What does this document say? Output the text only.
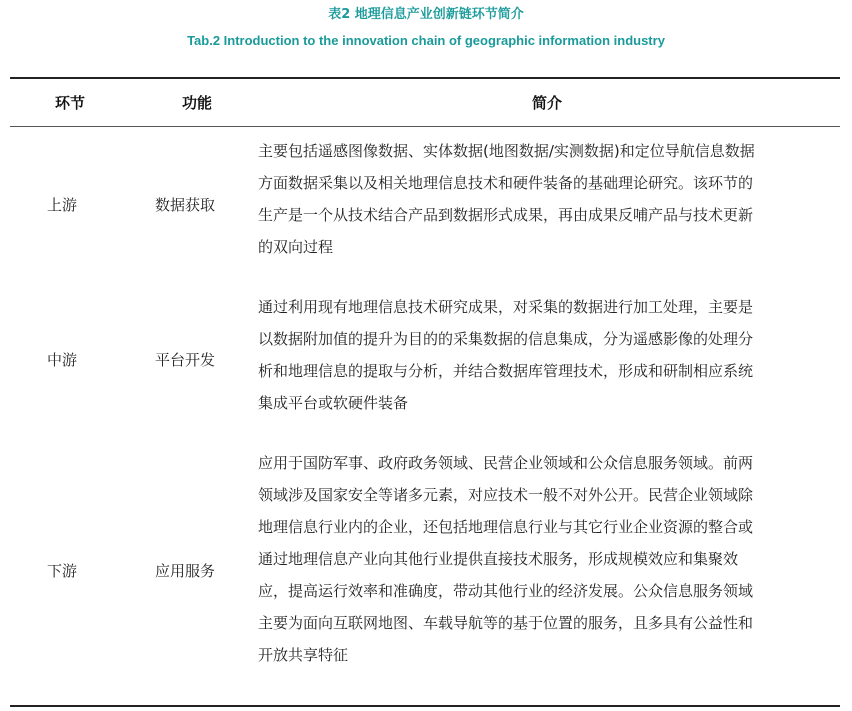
表2 地理信息产业创新链环节简介
Tab.2 Introduction to the innovation chain of geographic information industry
环节	功能	简介
上游	数据获取
主要包括遥感图像数据、实体数据(地图数据/实测数据)和定位导航信息数据
方面数据采集以及相关地理信息技术和硬件装备的基础理论研究。该环节的
生产是一个从技术结合产品到数据形式成果，再由成果反哺产品与技术更新
的双向过程
中游	平台开发
通过利用现有地理信息技术研究成果，对采集的数据进行加工处理，主要是
以数据附加值的提升为目的的采集数据的信息集成，分为遥感影像的处理分
析和地理信息的提取与分析，并结合数据库管理技术，形成和研制相应系统
集成平台或软硬件装备
下游	应用服务
应用于国防军事、政府政务领域、民营企业领域和公众信息服务领域。前两
领域涉及国家安全等诸多元素，对应技术一般不对外公开。民营企业领域除
地理信息行业内的企业，还包括地理信息行业与其它行业企业资源的整合或
通过地理信息产业向其他行业提供直接技术服务，形成规模效应和集聚效
应，提高运行效率和准确度，带动其他行业的经济发展。公众信息服务领域
主要为面向互联网地图、车载导航等的基于位置的服务，且多具有公益性和
开放共享特征
